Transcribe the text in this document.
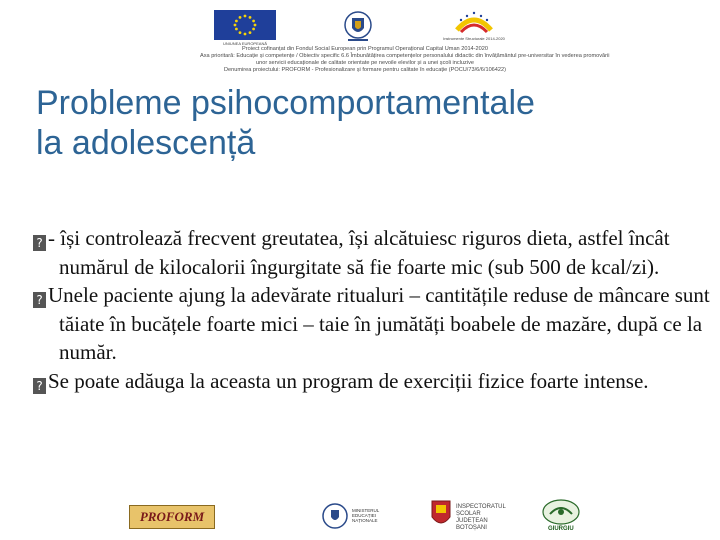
UNIUNEA EUROPEANĂ
Instrumente Structurale 2014-2020
Proiect cofinanțat din Fondul Social European prin Programul Operațional Capital Uman 2014-2020
Axa prioritară: Educație și competențe / Obiectiv specific 6.6 Îmbunătățirea competențelor personalului didactic din învățământul pre-universitar în vederea promovării
unor servicii educaționale de calitate orientate pe nevoile elevilor și a unei școli incluzive
Denumirea proiectului: PROFORM - Profesionalizare și formare pentru calitate în educație (POCU/73/6/6/106422)
Probleme psihocomportamentale
la adolescență

? - își controlează frecvent greutatea, își alcătuiesc riguros dieta, astfel încât numărul de kilocalorii îngurgitate să fie foarte mic (sub 500 de kcal/zi).

? Unele paciente ajung la adevărate ritualuri – cantitățile reduse de mâncare sunt tăiate în bucățele foarte mici – taie în jumătăți boabele de mazăre, după ce la număr.

? Se poate adăuga la aceasta un program de exerciții fizice foarte intense.

PROFORM	MINISTERUL
EDUCAȚIEI
NAȚIONALE
INSPECTORATUL
ȘCOLAR
JUDEȚEAN
BOTOȘANI	GIURGIU
